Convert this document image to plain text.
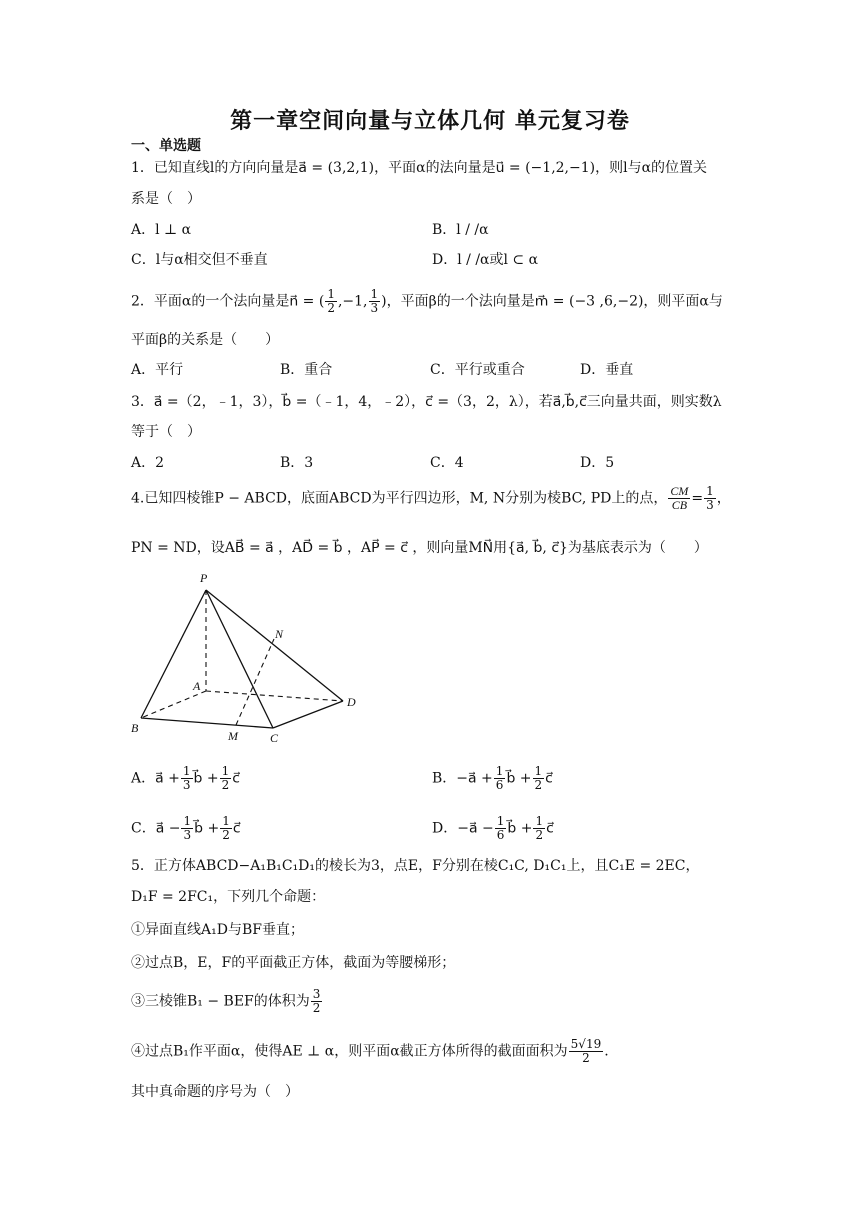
第一章空间向量与立体几何 单元复习卷
一、单选题
1．已知直线l的方向向量是a⃗ = (3,2,1)，平面α的法向量是u⃗ = (−1,2,−1)，则l与α的位置关
系是（　）
A．l ⊥ α	B．l / /α
C．l与α相交但不垂直	D．l / /α或l ⊂ α
2．平面α的一个法向量是n⃗ = ( $\frac{1}{2} ,-1$, $\frac{1}{3}$ )，平面β的一个法向量是m⃗ = (−3 ,6,−2)，则平面α与
平面β的关系是（　　）
A．平行	B．重合	C．平行或重合	D．垂直
3．a⃗ =（2，﹣1，3），b⃗ =（﹣1，4，﹣2），c⃗ =（3，2，λ），若a⃗,b⃗,c⃗三向量共面，则实数λ
等于（　）
A．2	B．3	C．4	D．5
4.已知四棱锥P − ABCD，底面ABCD为平行四边形，M, N分别为棱BC, PD上的点， $\frac{CM}{CB} = \frac{1}{3}$ ，
PN = ND，设AB⃗ = a⃗ ，AD⃗ = b⃗ ，AP⃗ = c⃗ ，则向量MN⃗用{a⃗, b⃗, c⃗}为基底表示为（　　）
P
A
N
D
B
M	C
A．a⃗ + $\frac{1}{3}$ b⃗ + $\frac{1}{2}$ c⃗	B．−a⃗ + $\frac{1}{6}$ b⃗ + $\frac{1}{2}$ c⃗
C．a⃗ − $\frac{1}{3}$ b⃗ + $\frac{1}{2}$ c⃗	D．−a⃗ − $\frac{1}{6}$ b⃗ + $\frac{1}{2}$ c⃗
5．正方体ABCD−A₁B₁C₁D₁的棱长为3，点E，F分别在棱C₁C, D₁C₁上，且C₁E = 2EC，
D₁F = 2FC₁，下列几个命题：
①异面直线A₁D与BF垂直；
②过点B，E，F的平面截正方体，截面为等腰梯形；
③三棱锥B₁ − BEF的体积为 $\frac{3}{2}$
④过点B₁作平面α，使得AE ⊥ α，则平面α截正方体所得的截面面积为 $\frac{5√19}{2}$ .
其中真命题的序号为（　）
